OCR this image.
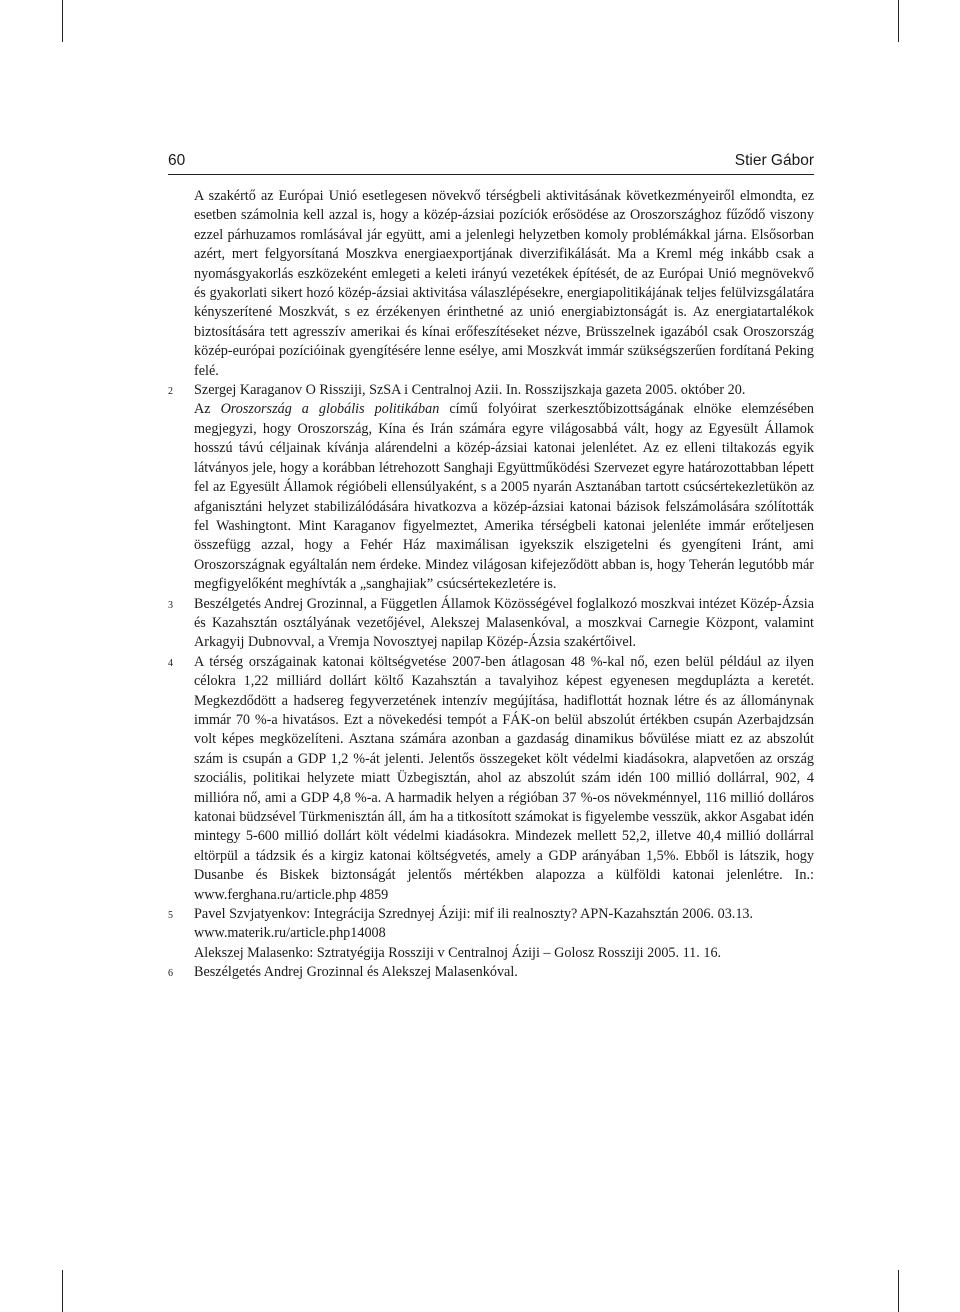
60	Stier Gábor

A szakértő az Európai Unió esetlegesen növekvő térségbeli aktivitásának következményeiről elmondta, ez esetben számolnia kell azzal is, hogy a közép-ázsiai pozíciók erősödése az Oroszországhoz fűződő viszony ezzel párhuzamos romlásával jár együtt, ami a jelenlegi helyzetben komoly problémákkal járna. Elsősorban azért, mert felgyorsítaná Moszkva energiaexportjának diverzifikálását. Ma a Kreml még inkább csak a nyomásgyakorlás eszközeként emlegeti a keleti irányú vezetékek építését, de az Európai Unió megnövekvő és gyakorlati sikert hozó közép-ázsiai aktivitása válaszlépésekre, energiapolitikájának teljes felülvizsgálatára kényszerítené Moszkvát, s ez érzékenyen érinthetné az unió energiabiztonságát is. Az energiatartalékok biztosítására tett agresszív amerikai és kínai erőfeszítéseket nézve, Brüsszelnek igazából csak Oroszország közép-európai pozícióinak gyengítésére lenne esélye, ami Moszkvát immár szükségszerűen fordítaná Peking felé.

2 Szergej Karaganov O Rissziji, SzSA i Centralnoj Azii. In. Rosszijszkaja gazeta 2005. október 20.

Az Oroszország a globális politikában című folyóirat szerkesztőbizottságának elnöke elemzésében megjegyzi, hogy Oroszország, Kína és Irán számára egyre világosabbá vált, hogy az Egyesült Államok hosszú távú céljainak kívánja alárendelni a közép-ázsiai katonai jelenlétet. Az ez elleni tiltakozás egyik látványos jele, hogy a korábban létrehozott Sanghaji Együttműködési Szervezet egyre határozottabban lépett fel az Egyesült Államok régióbeli ellensúlyaként, s a 2005 nyarán Asztanában tartott csúcsértekezletükön az afganisztáni helyzet stabilizálódására hivatkozva a közép-ázsiai katonai bázisok felszámolására szólították fel Washingtont. Mint Karaganov figyelmeztet, Amerika térségbeli katonai jelenléte immár erőteljesen összefügg azzal, hogy a Fehér Ház maximálisan igyekszik elszigetelni és gyengíteni Iránt, ami Oroszországnak egyáltalán nem érdeke. Mindez világosan kifejeződött abban is, hogy Teherán legutóbb már megfigyelőként meghívták a „sanghajiak” csúcsértekezletére is.

3 Beszélgetés Andrej Grozinnal, a Független Államok Közösségével foglalkozó moszkvai intézet Közép-Ázsia és Kazahsztán osztályának vezetőjével, Alekszej Malasenkóval, a moszkvai Carnegie Központ, valamint Arkagyij Dubnovval, a Vremja Novosztyej napilap Közép-Ázsia szakértőivel.

4 A térség országainak katonai költségvetése 2007-ben átlagosan 48 %-kal nő, ezen belül például az ilyen célokra 1,22 milliárd dollárt költő Kazahsztán a tavalyihoz képest egyenesen megduplázta a keretét. Megkezdődött a hadsereg fegyverzetének intenzív megújítása, hadiflottát hoznak létre és az állománynak immár 70 %-a hivatásos. Ezt a növekedési tempót a FÁK-on belül abszolút értékben csupán Azerbajdzsán volt képes megközelíteni. Asztana számára azonban a gazdaság dinamikus bővülése miatt ez az abszolút szám is csupán a GDP 1,2 %-át jelenti. Jelentős összegeket költ védelmi kiadásokra, alapvetően az ország szociális, politikai helyzete miatt Üzbegisztán, ahol az abszolút szám idén 100 millió dollárral, 902, 4 millióra nő, ami a GDP 4,8 %-a. A harmadik helyen a régióban 37 %-os növekménnyel, 116 millió dolláros katonai büdzsével Türkmenisztán áll, ám ha a titkosított számokat is figyelembe vesszük, akkor Asgabat idén mintegy 5-600 millió dollárt költ védelmi kiadásokra. Mindezek mellett 52,2, illetve 40,4 millió dollárral eltörpül a tádzsik és a kirgiz katonai költségvetés, amely a GDP arányában 1,5%. Ebből is látszik, hogy Dusanbe és Biskek biztonságát jelentős mértékben alapozza a külföldi katonai jelenlétre. In.: www.ferghana.ru/article.php 4859

5 Pavel Szvjatyenkov: Integrácija Szrednyej Áziji: mif ili realnoszty? APN-Kazahsztán 2006. 03.13. www.materik.ru/article.php14008

Alekszej Malasenko: Sztratyégija Rossziji v Centralnoj Áziji – Golosz Rossziji 2005. 11. 16.

6 Beszélgetés Andrej Grozinnal és Alekszej Malasenkóval.
